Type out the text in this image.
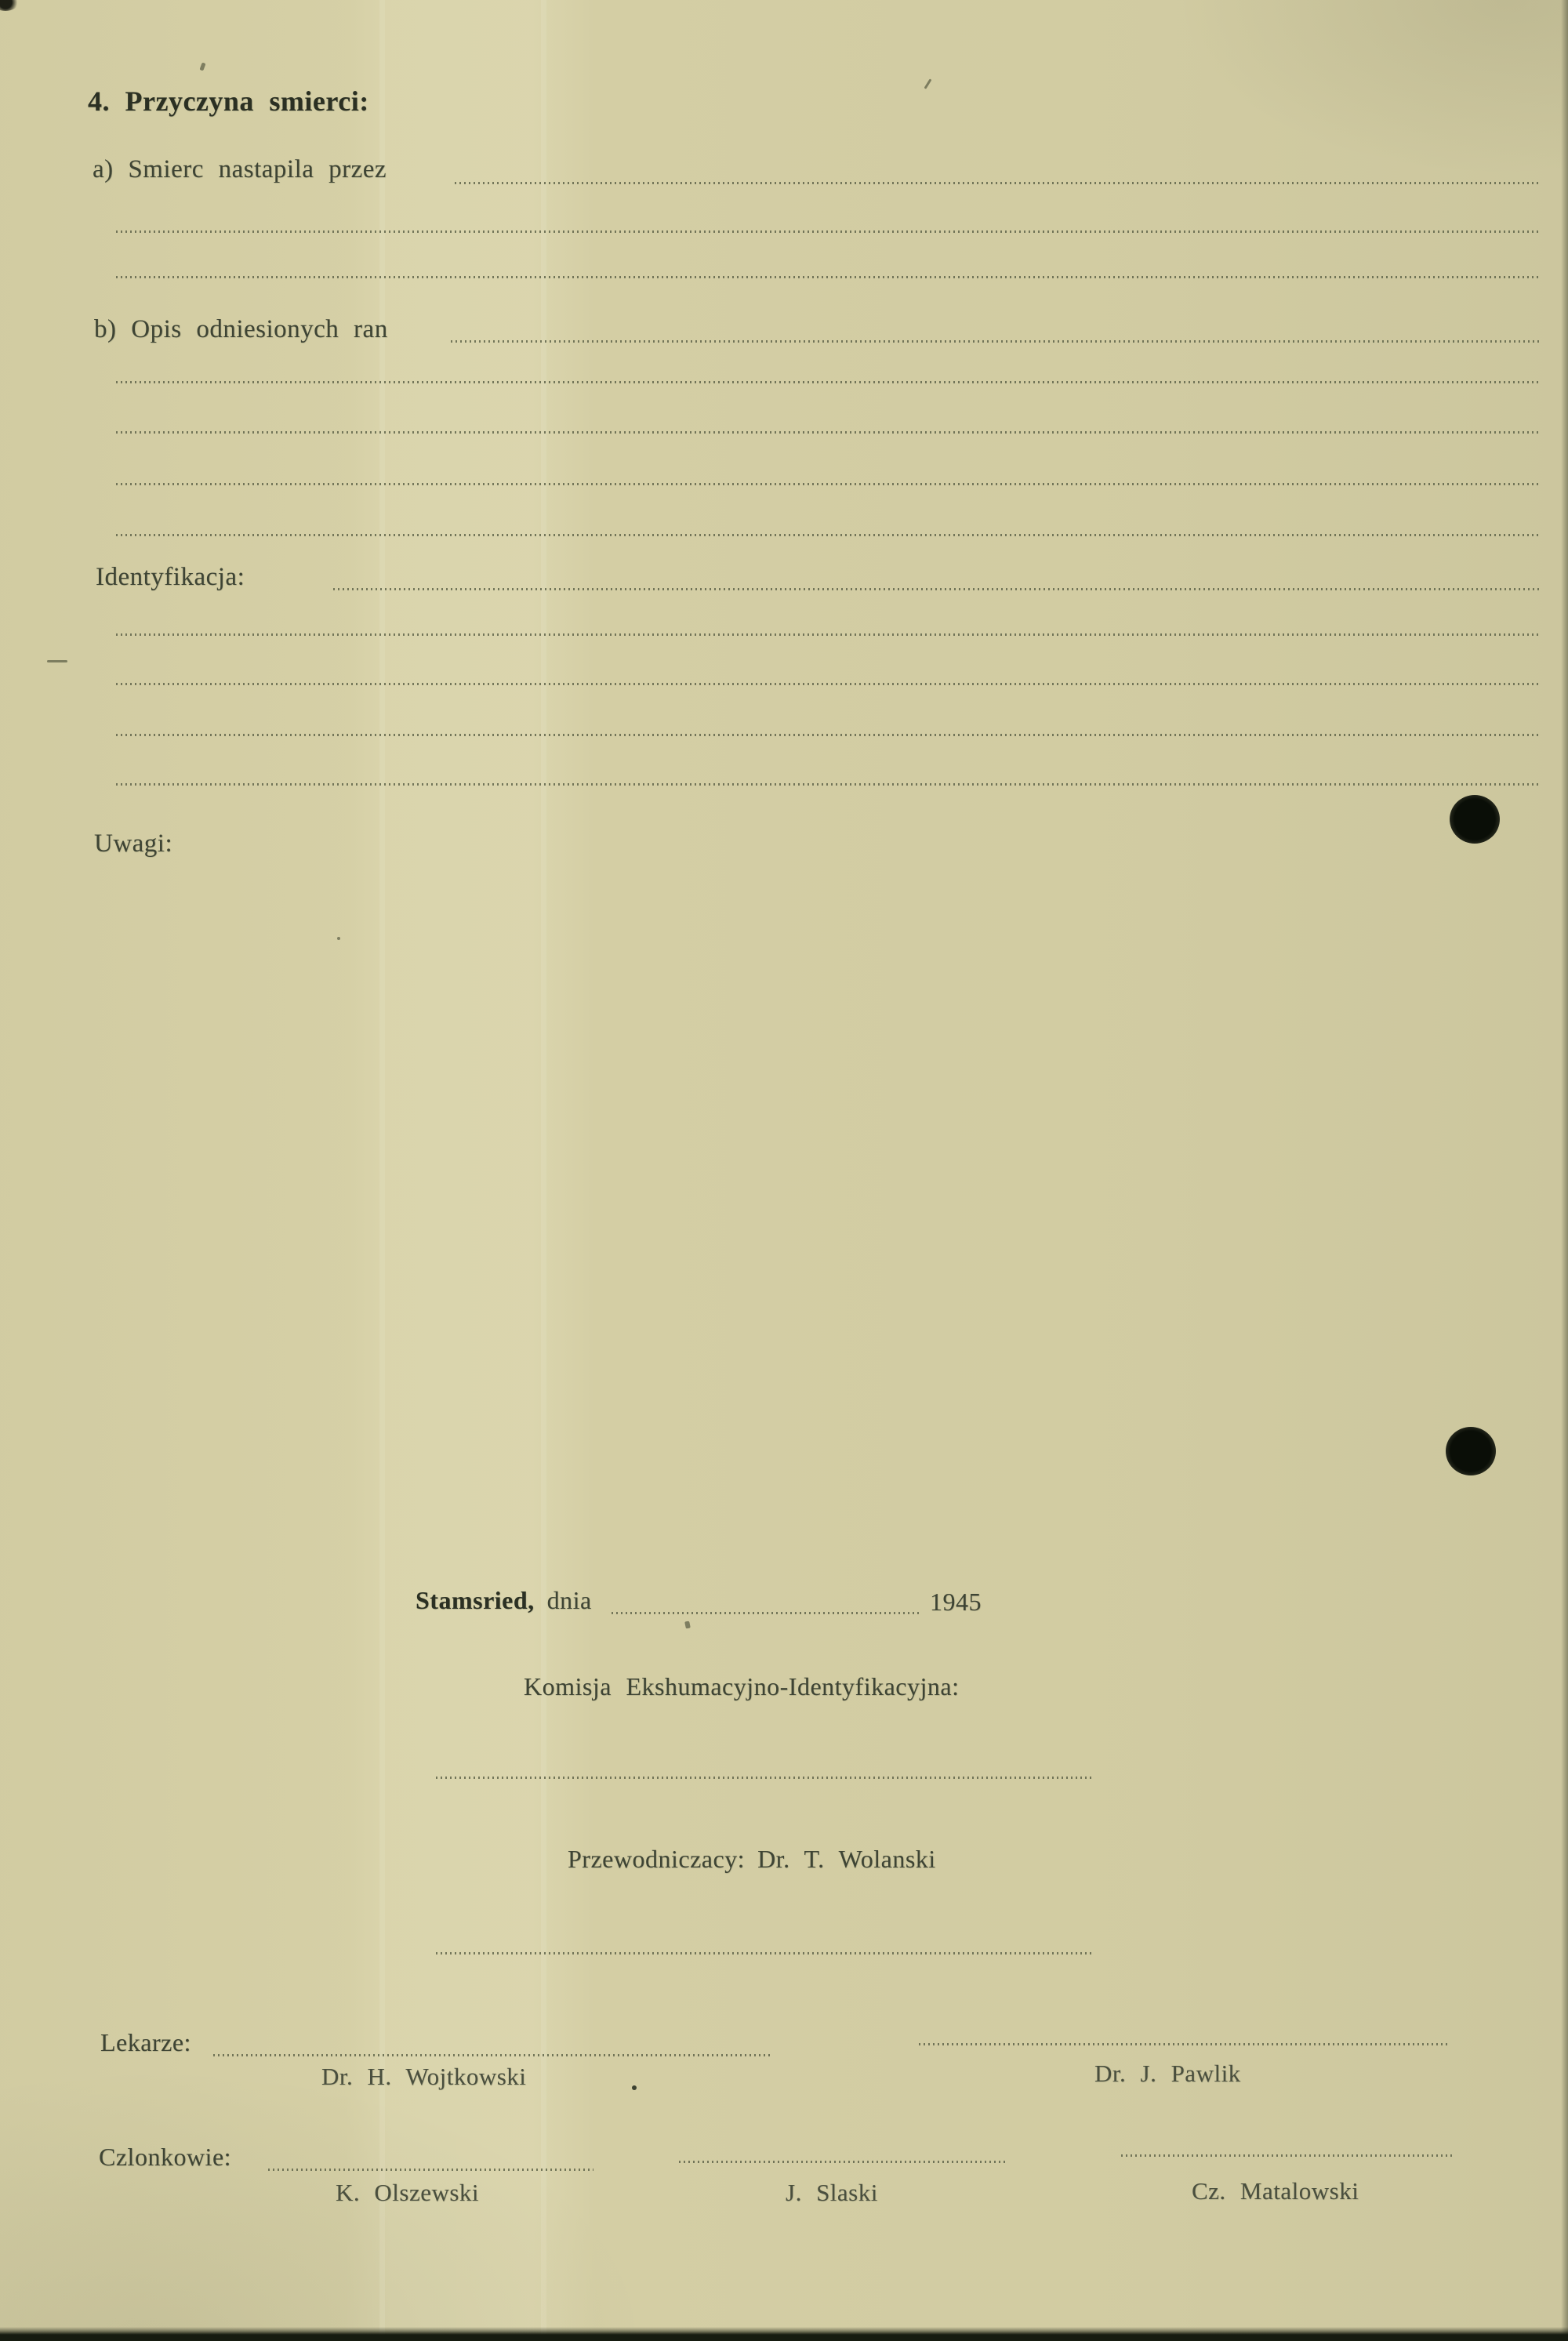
4. Przyczyna smierci:
a) Smierc nastapila przez
b) Opis odniesionych ran
Identyfikacja:
Uwagi:
Stamsried, dnia	1945
Komisja Ekshumacyjno-Identyfikacyjna:
Przewodniczacy: Dr. T. Wolanski
Lekarze:
Dr. H. Wojtkowski	Dr. J. Pawlik
Czlonkowie:
K. Olszewski	J. Slaski	Cz. Matalowski
